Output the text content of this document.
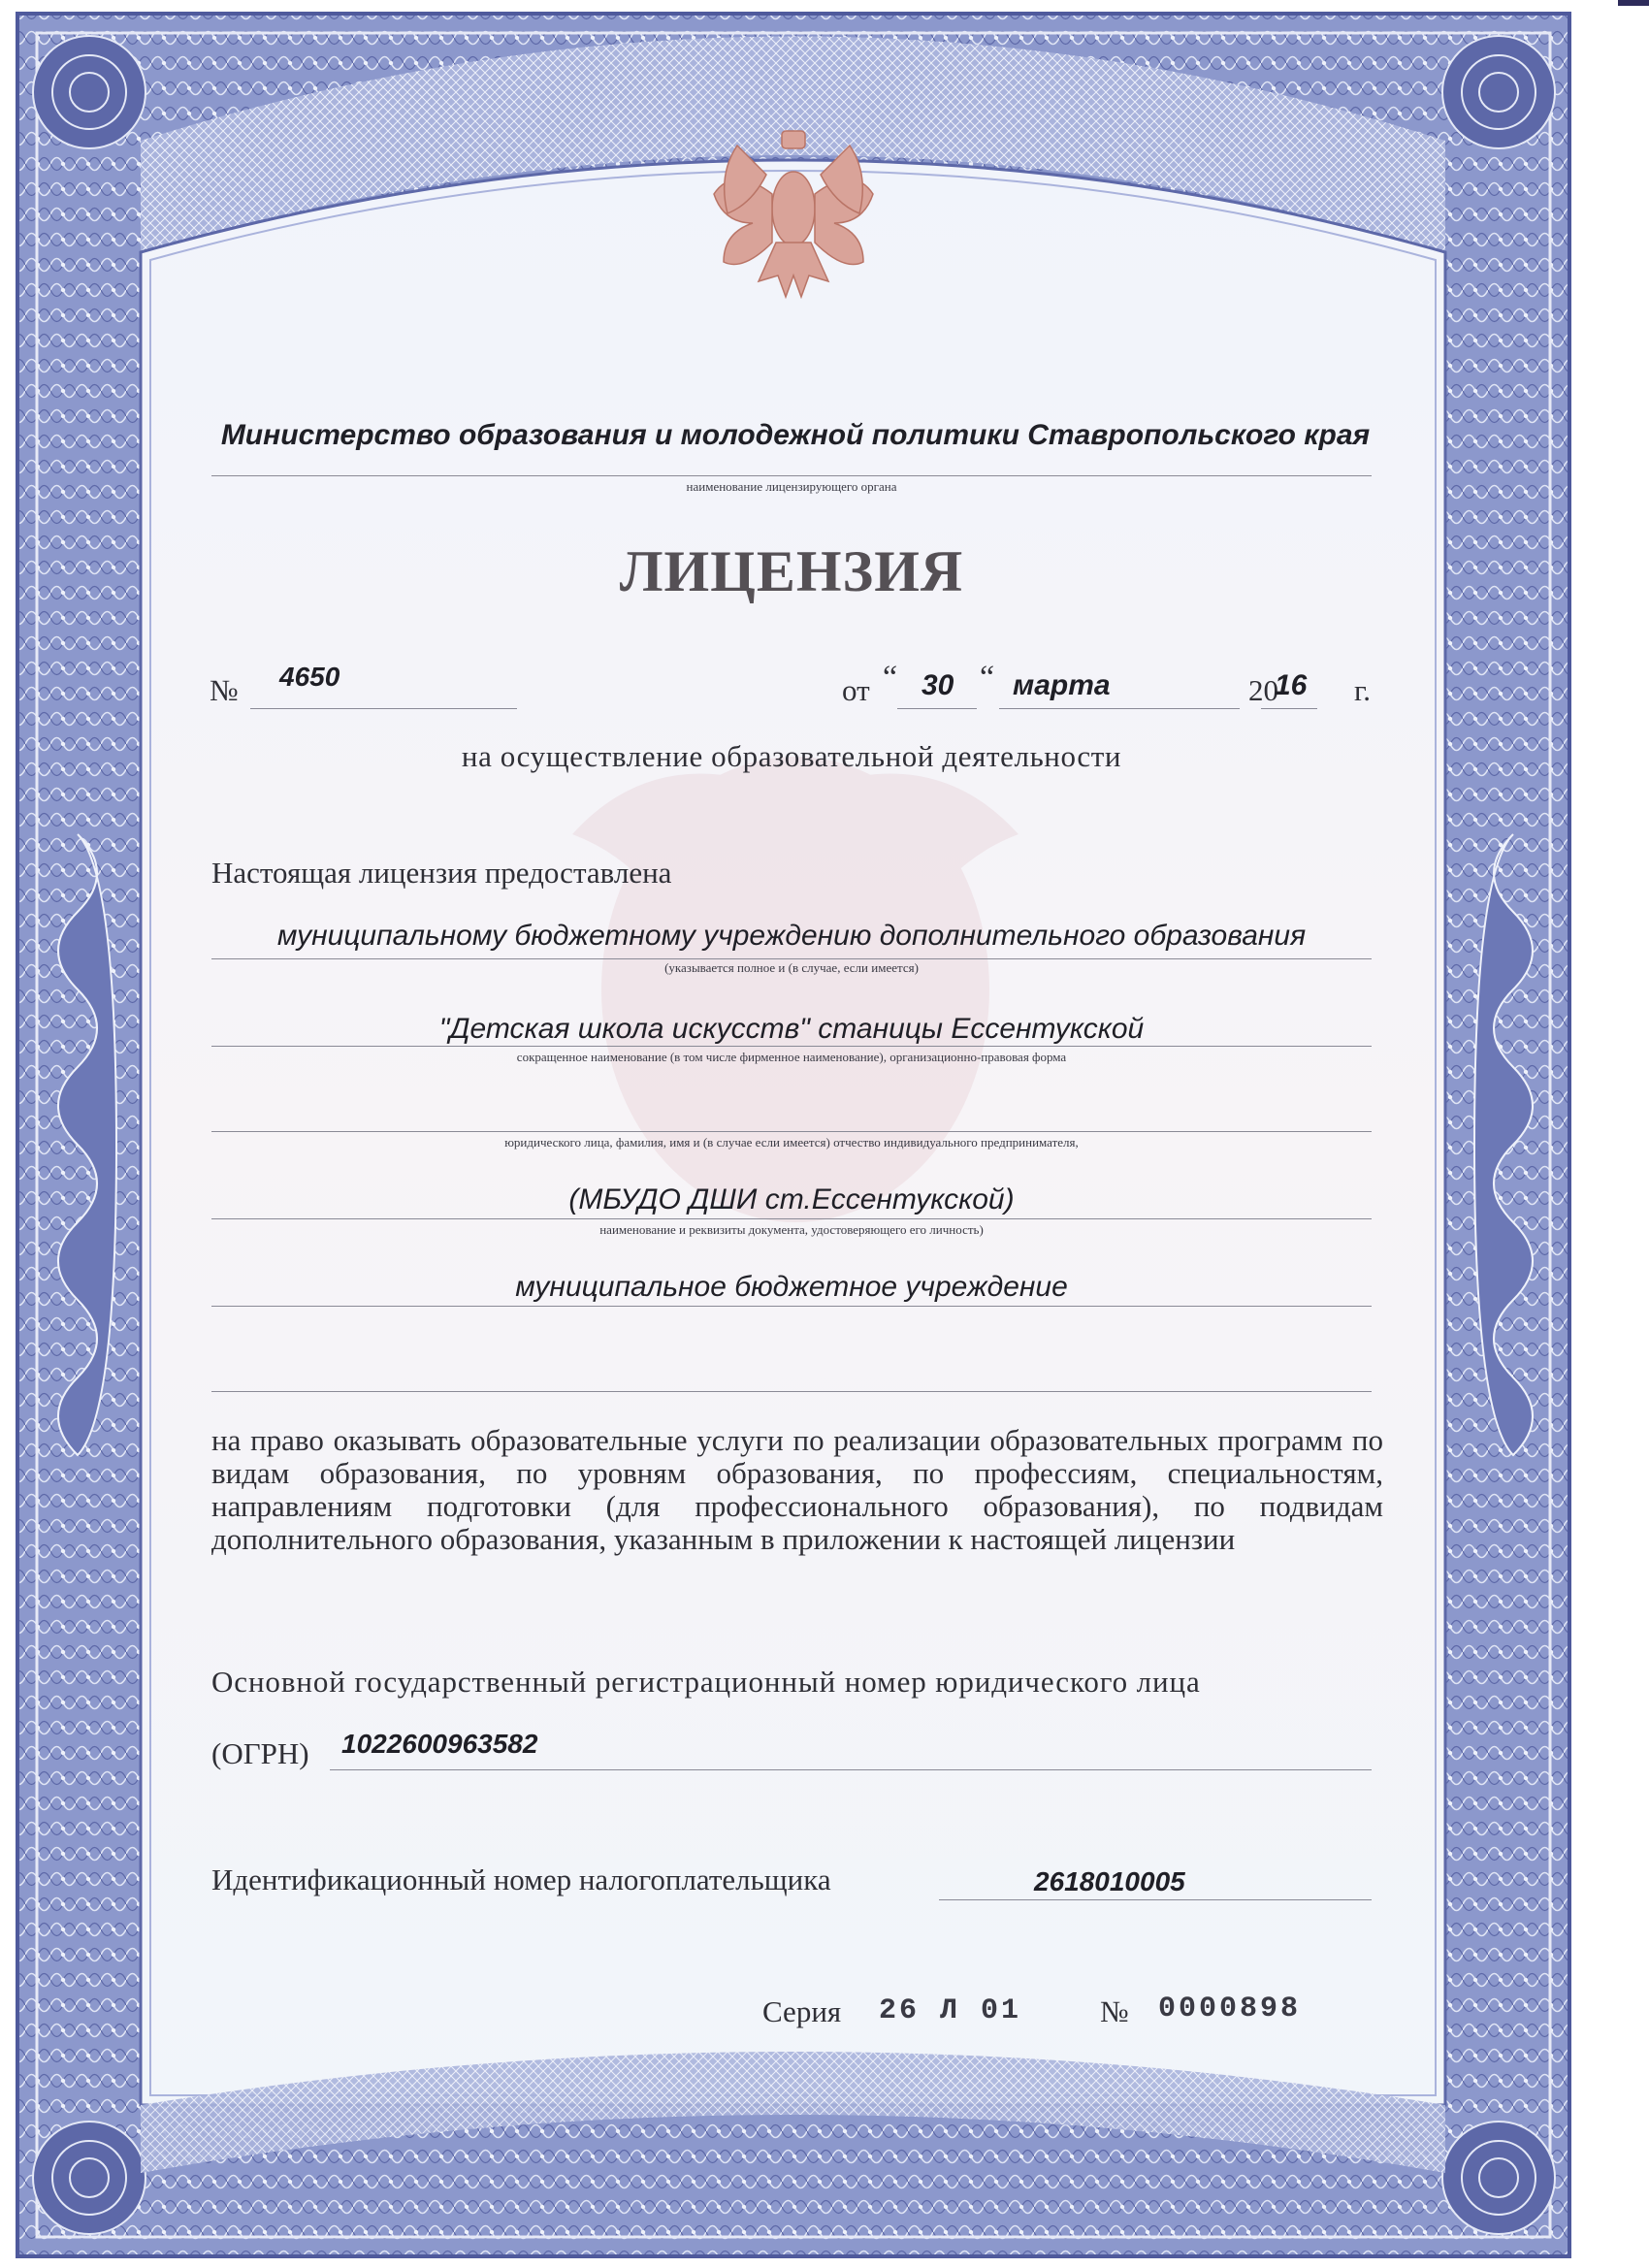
Министерство образования и молодежной политики Ставропольского края
наименование лицензирующего органа
ЛИЦЕНЗИЯ
№ 4650	от “ 30 “ марта	20
16 г.
на осуществление образовательной деятельности
Настоящая лицензия предоставлена
муниципальному бюджетному учреждению дополнительного образования
(указывается полное и (в случае, если имеется)
"Детская школа искусств" станицы Ессентукской
сокращенное наименование (в том числе фирменное наименование), организационно-правовая форма
юридического лица, фамилия, имя и (в случае если имеется) отчество индивидуального предпринимателя,
(МБУДО ДШИ ст.Ессентукской)
наименование и реквизиты документа, удостоверяющего его личность)
муниципальное бюджетное учреждение
на право оказывать образовательные услуги по реализации образовательных программ по видам образования, по уровням образования, по профессиям, специальностям, направлениям подготовки (для профессионального образования), по подвидам дополнительного образования, указанным в приложении к настоящей лицензии
Основной государственный регистрационный номер юридического лица
(ОГРН) 1022600963582
Идентификационный номер налогоплательщика	2618010005
Серия 26 Л 01	№ 0000898
